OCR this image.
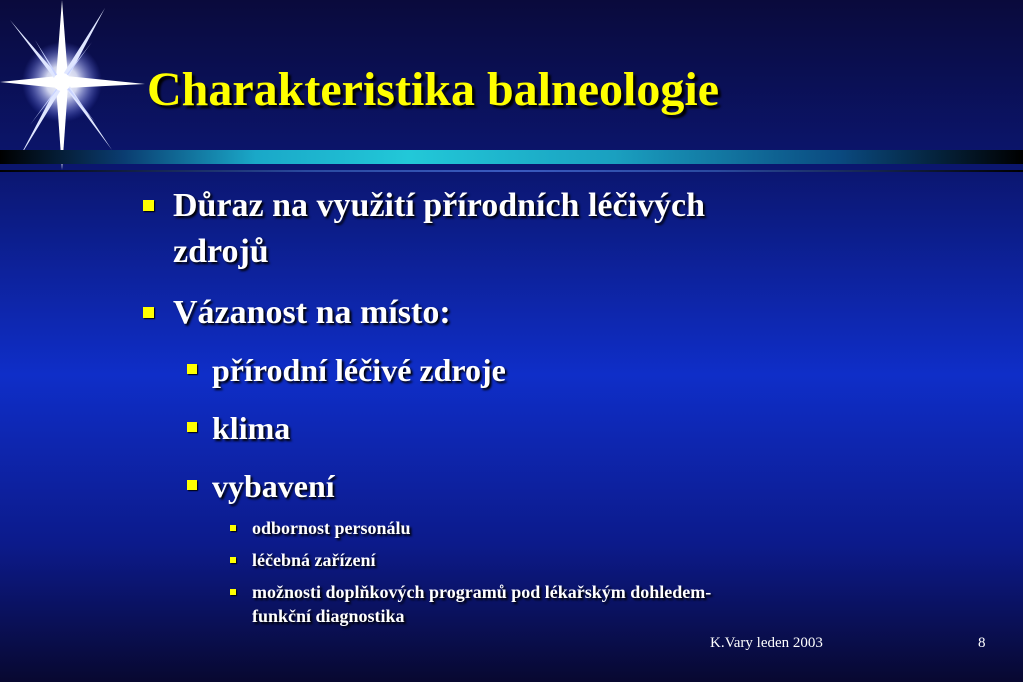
Charakteristika balneologie
Důraz na využití přírodních léčivých
zdrojů
Vázanost na místo:
přírodní léčivé zdroje
klima
vybavení
odbornost personálu
léčebná zařízení
možnosti doplňkových programů pod lékařským dohledem-
funkční diagnostika
K.Vary leden 2003	8
